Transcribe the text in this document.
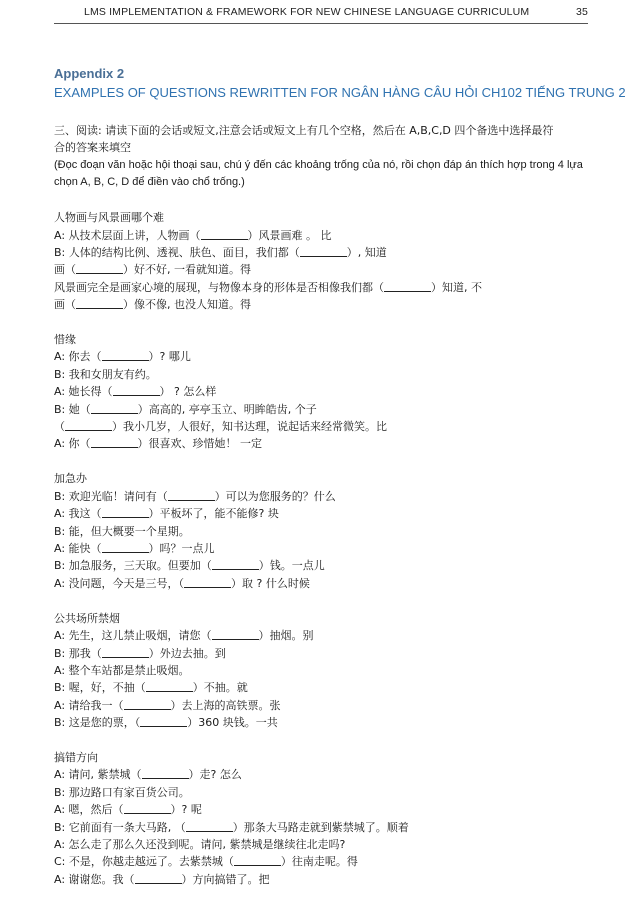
LMS IMPLEMENTATION & FRAMEWORK FOR NEW CHINESE LANGUAGE CURRICULUM	35
Appendix 2
EXAMPLES OF QUESTIONS REWRITTEN FOR NGÂN HÀNG CÂU HỎI CH102 TIẾNG TRUNG 2
三、阅读: 请读下面的会话或短文,注意会话或短文上有几个空格，然后在 A,B,C,D 四个备选中选择最符
合的答案来填空
(Đọc đoạn văn hoặc hội thoại sau, chú ý đến các khoảng trống của nó, rồi chọn đáp án thích hợp trong 4 lựa
chọn A, B, C, D để điền vào chổ trống.)
人物画与风景画哪个难
A: 从技术层面上讲，人物画（	）风景画难 。 比
B: 人体的结构比例、透视、肤色、面目，我们都（	）, 知道
画（	）好不好, 一看就知道。得
风景画完全是画家心境的展现，与物像本身的形体是否相像我们都（	）知道, 不
画（	）像不像, 也没人知道。得
惜缘
A: 你去（	）? 哪儿
B: 我和女朋友有约。
A: 她长得（	） ? 怎么样
B: 她（	）高高的, 亭亭玉立、明眸皓齿, 个子
（	）我小几岁，人很好，知书达理，说起话来经常微笑。比
A: 你（	）很喜欢、珍惜她！ 一定
加急办
B: 欢迎光临！请问有（	）可以为您服务的？什么
A: 我这（	）平板坏了，能不能修? 块
B: 能，但大概要一个星期。
A: 能快（	）吗？一点儿
B: 加急服务，三天取。但要加（	）钱。一点儿
A: 没问题，今天是三号，（	）取 ? 什么时候
公共场所禁烟
A: 先生，这儿禁止吸烟，请您（	）抽烟。别
B: 那我（	）外边去抽。到
A: 整个车站都是禁止吸烟。
B: 喔，好，不抽（	）不抽。就
A: 请给我一（	）去上海的高铁票。张
B: 这是您的票，（	）360 块钱。一共
搞错方向
A: 请问, 紫禁城（	）走? 怎么
B: 那边路口有家百货公司。
A: 嗯，然后（	）? 呢
B: 它前面有一条大马路, （	）那条大马路走就到紫禁城了。顺着
A: 怎么走了那么久还没到呢。请问, 紫禁城是继续往北走吗?
C: 不是，你越走越远了。去紫禁城（	）往南走呢。得
A: 谢谢您。我（	）方向搞错了。把
